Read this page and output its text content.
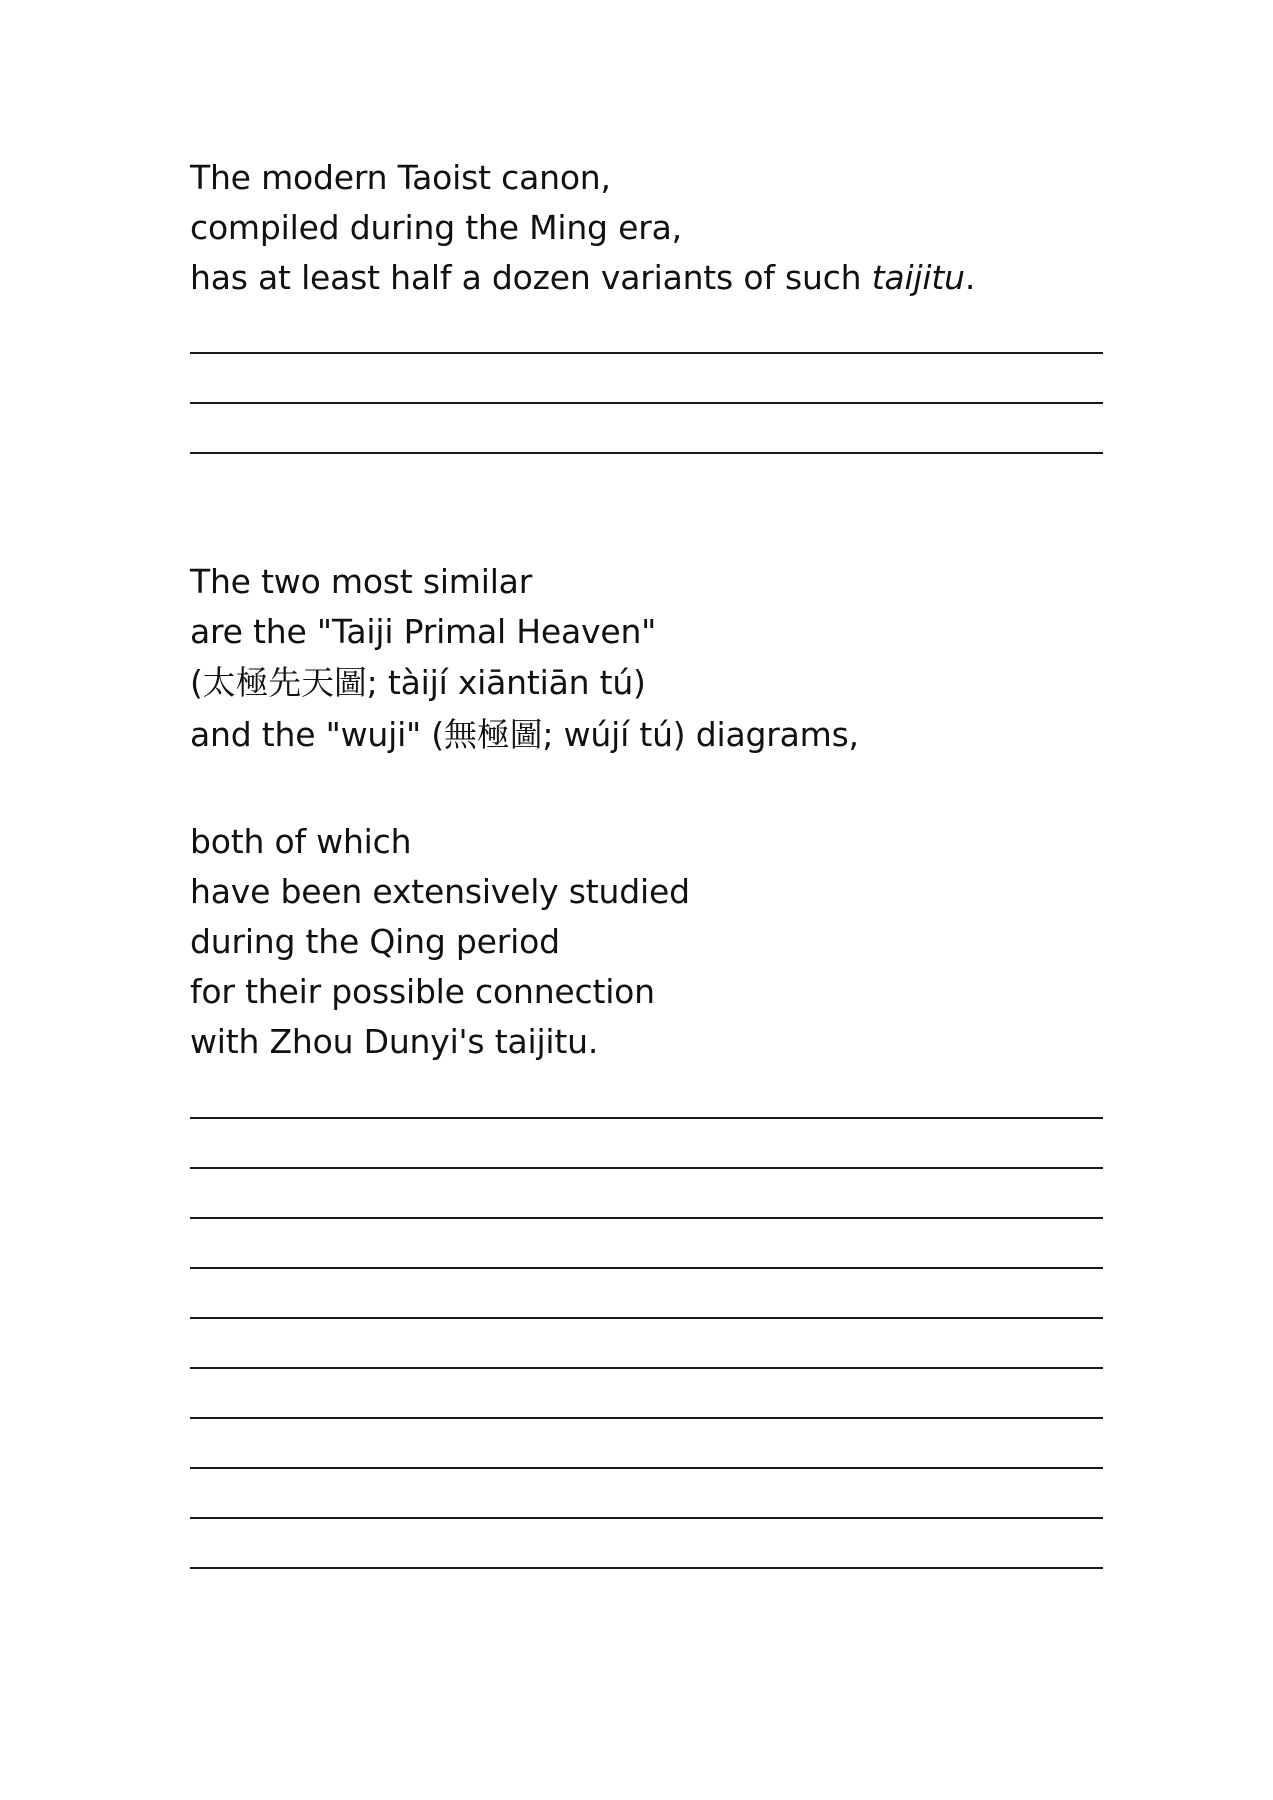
The modern Taoist canon,
compiled during the Ming era,
has at least half a dozen variants of such taijitu.
The two most similar
are the "Taiji Primal Heaven"
(太極先天圖; tàijí xiāntiān tú)
and the "wuji" (無極圖; wújí tú) diagrams,
both of which
have been extensively studied
during the Qing period
for their possible connection
with Zhou Dunyi's taijitu.
